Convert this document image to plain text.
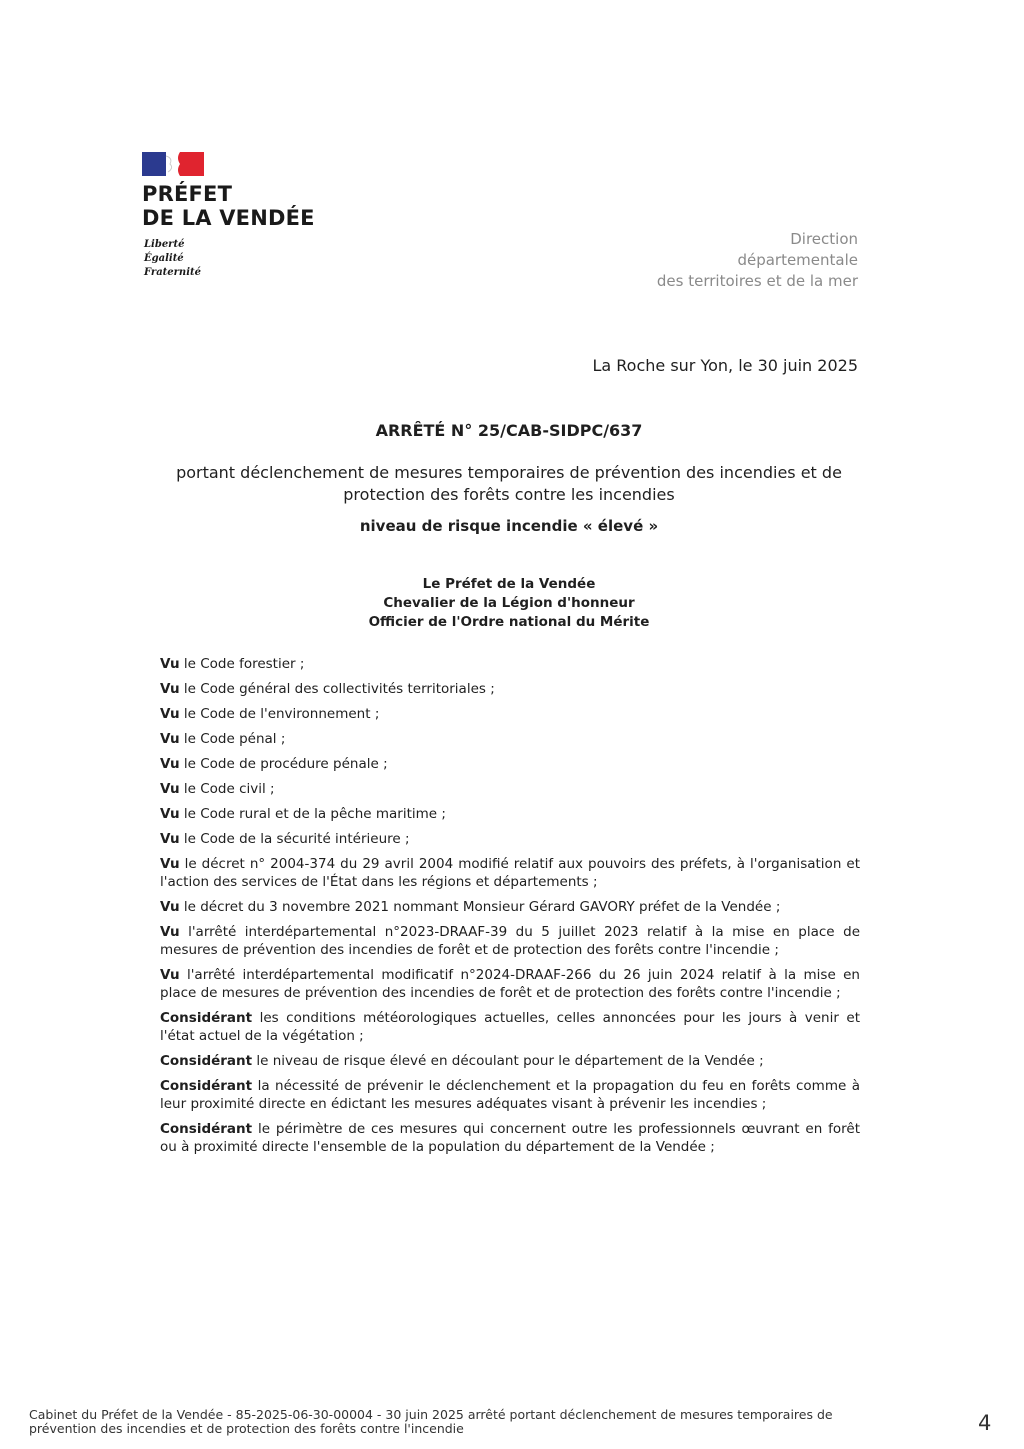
PRÉFET
DE LA VENDÉE
Liberté
Égalité
Fraternité
Direction
départementale
des territoires et de la mer
La Roche sur Yon, le 30 juin 2025
ARRÊTÉ N° 25/CAB-SIDPC/637
portant déclenchement de mesures temporaires de prévention des incendies et de
protection des forêts contre les incendies
niveau de risque incendie « élevé »
Le Préfet de la Vendée
Chevalier de la Légion d'honneur
Officier de l'Ordre national du Mérite

Vu le Code forestier ;

Vu le Code général des collectivités territoriales ;

Vu le Code de l'environnement ;

Vu le Code pénal ;

Vu le Code de procédure pénale ;

Vu le Code civil ;

Vu le Code rural et de la pêche maritime ;

Vu le Code de la sécurité intérieure ;

Vu le décret n° 2004-374 du 29 avril 2004 modifié relatif aux pouvoirs des préfets, à l'organisation et l'action des services de l'État dans les régions et départements ;

Vu le décret du 3 novembre 2021 nommant Monsieur Gérard GAVORY préfet de la Vendée ;

Vu l'arrêté interdépartemental n°2023-DRAAF-39 du 5 juillet 2023 relatif à la mise en place de mesures de prévention des incendies de forêt et de protection des forêts contre l'incendie ;

Vu l'arrêté interdépartemental modificatif n°2024-DRAAF-266 du 26 juin 2024 relatif à la mise en place de mesures de prévention des incendies de forêt et de protection des forêts contre l'incendie ;

Considérant les conditions météorologiques actuelles, celles annoncées pour les jours à venir et l'état actuel de la végétation ;

Considérant le niveau de risque élevé en découlant pour le département de la Vendée ;

Considérant la nécessité de prévenir le déclenchement et la propagation du feu en forêts comme à leur proximité directe en édictant les mesures adéquates visant à prévenir les incendies ;

Considérant le périmètre de ces mesures qui concernent outre les professionnels œuvrant en forêt ou à proximité directe l'ensemble de la population du département de la Vendée ;

Cabinet du Préfet de la Vendée - 85-2025-06-30-00004 - 30 juin 2025 arrêté portant déclenchement de mesures temporaires de
prévention des incendies et de protection des forêts contre l'incendie	4
